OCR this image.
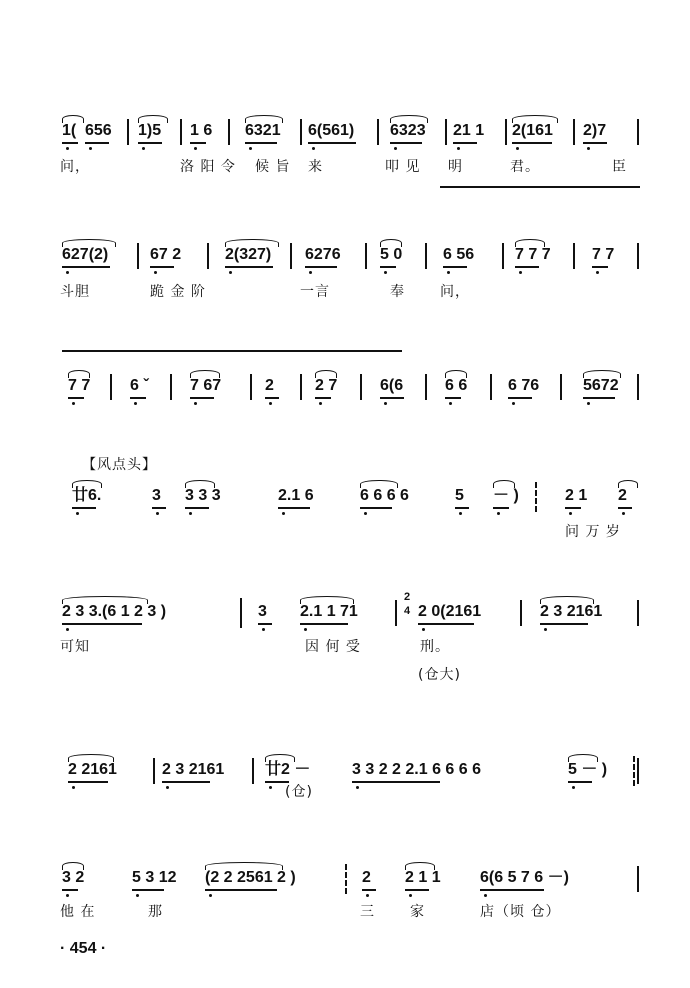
1( 656 1)5 1 6 6321 6(561) 6323 21 1 2(161 2)7
问，	洛 阳 令 候 旨 来	叩 见 明	君。	臣
627(2)	67 2	2(327) 6276 5 0	6 56	7 7 7	7 7
斗胆	跪 金 阶	一言	奉	问，
7 7 6 ˇ	7 67	2	2 7	6(6	6 6	6 76	5672
廿6.	3 3 3 3	2.1 6	6 6 6 6	5 － )	2 1 2
问 万 岁
2 3 3.(6 1 2 3 )	3 2.1 1 71	2 0(2161	2 3 2161
可知	因 何 受	刑。
(仓大)
2 2161	2 3 2161	廿2 －	3 3 2 2 2.1 6 6 6 6	5 － )
(仓)
3 2	5 3 12 (2 2 2561 2 )	2 2 1 1 6(6 5 7 6 －)
他 在	那	三	家	店（顷 仓）
2
4
· 454 ·
【风点头】
